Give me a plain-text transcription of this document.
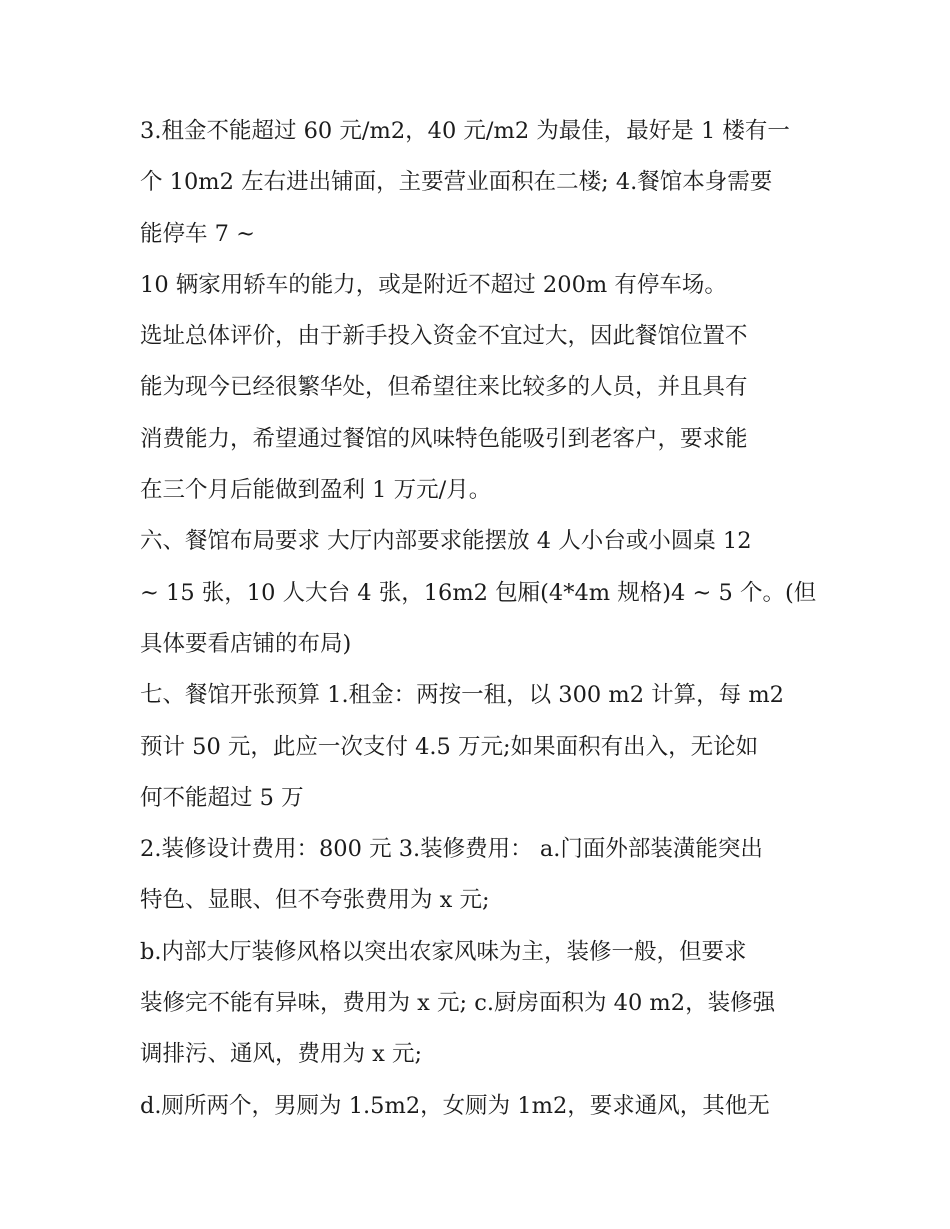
3.租金不能超过 60 元/m2，40 元/m2 为最佳，最好是 1 楼有一
个 10m2 左右进出铺面，主要营业面积在二楼; 4.餐馆本身需要
能停车 7 ~
10 辆家用轿车的能力，或是附近不超过 200m 有停车场。
选址总体评价，由于新手投入资金不宜过大，因此餐馆位置不
能为现今已经很繁华处，但希望往来比较多的人员，并且具有
消费能力，希望通过餐馆的风味特色能吸引到老客户，要求能
在三个月后能做到盈利 1 万元/月。
六、餐馆布局要求 大厅内部要求能摆放 4 人小台或小圆桌 12
~ 15 张，10 人大台 4 张，16m2 包厢(4*4m 规格)4 ~ 5 个。(但
具体要看店铺的布局)
七、餐馆开张预算 1.租金：两按一租，以 300 m2 计算，每 m2
预计 50 元，此应一次支付 4.5 万元;如果面积有出入，无论如
何不能超过 5 万
2.装修设计费用：800 元 3.装修费用： a.门面外部装潢能突出
特色、显眼、但不夸张费用为 x 元;
b.内部大厅装修风格以突出农家风味为主，装修一般，但要求
装修完不能有异味，费用为 x 元; c.厨房面积为 40 m2，装修强
调排污、通风，费用为 x 元;
d.厕所两个，男厕为 1.5m2，女厕为 1m2，要求通风，其他无
